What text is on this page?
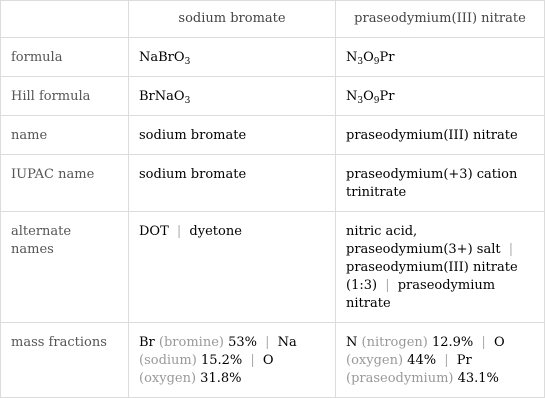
	sodium bromate	praseodymium(III) nitrate
formula	NaBrO$_3$	$N_3O_9Pr$
Hill formula	BrNaO$_3$	$N_3O_9Pr$
name	sodium bromate	praseodymium(III) nitrate
IUPAC name	sodium bromate	praseodymium(+3) cation trinitrate
alternate names	DOT | dyetone	nitric acid, praseodymium(3+) salt | praseodymium(III) nitrate (1:3) | praseodymium nitrate
mass fractions	Br (bromine) 53% | Na (sodium) 15.2% | O (oxygen) 31.8%	N (nitrogen) 12.9% | O (oxygen) 44% | Pr (praseodymium) 43.1%
